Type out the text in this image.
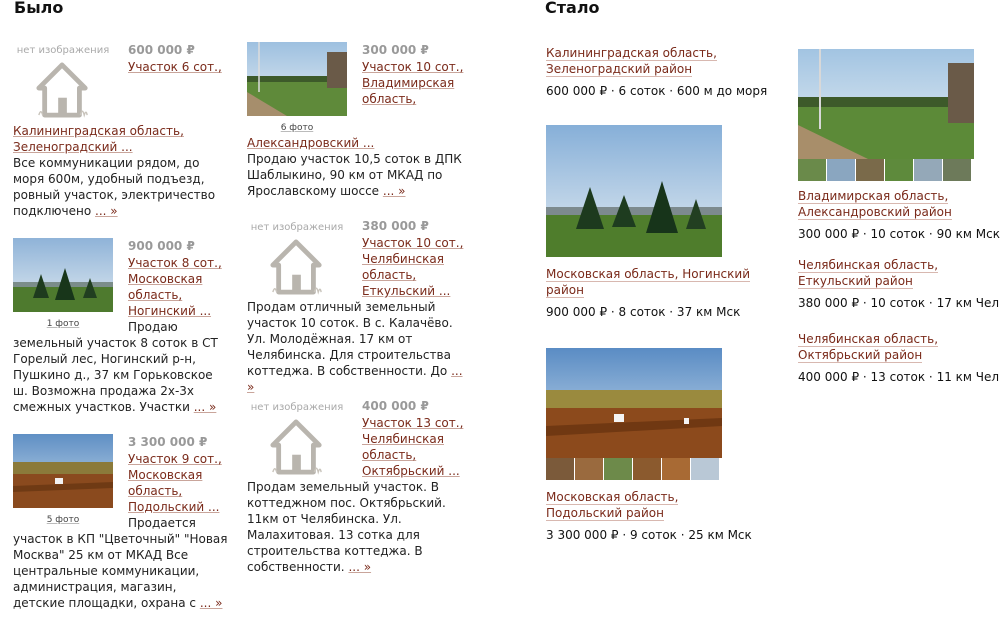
Было	Стало
нет изображения	600 000 ₽
Участок 6 сот.,
Калининградская область,
Зеленоградский ...
Все коммуникации рядом, до моря 600м, удобный подъезд, ровный участок, электричество подключено ... »
1 фото
900 000 ₽
Участок 8 сот.,
Московская
область,
Ногинский ...
Продаю
земельный участок 8 соток в СТ Горелый лес, Ногинский р-н, Пушкино д., 37 км Горьковское ш. Возможна продажа 2х-3х смежных участков. Участки ... »
5 фото
3 300 000 ₽
Участок 9 сот.,
Московская
область,
Подольский ...
Продается
участок в КП "Цветочный" "Новая Москва" 25 км от МКАД Все центральные коммуникации, администрация, магазин, детские площадки, охрана с ... »
6 фото
300 000 ₽
Участок 10 сот.,
Владимирская
область,
Александровский ...
Продаю участок 10,5 соток в ДПК Шаблыкино, 90 км от МКАД по Ярославскому шоссе ... »
нет изображения	380 000 ₽
Участок 10 сот.,
Челябинская
область,
Еткульский ...
Продам отличный земельный участок 10 соток. В с. Калачёво. Ул. Молодёжная. 17 км от Челябинска. Для строительства коттеджа. В собственности. До ... »
нет изображения	400 000 ₽
Участок 13 сот.,
Челябинская
область,
Октябрьский ...
Продам земельный участок. В коттеджном пос. Октябрьский. 11км от Челябинска. Ул. Малахитовая. 13 сотка для строительства коттеджа. В собственности. ... »
Калининградская область,
Зеленоградский район
600 000 ₽ · 6 соток · 600 м до моря
Московская область, Ногинский
район
900 000 ₽ · 8 соток · 37 км Мск
Московская область,
Подольский район
3 300 000 ₽ · 9 соток · 25 км Мск
Владимирская область,
Александровский район
300 000 ₽ · 10 соток · 90 км Мск
Челябинская область,
Еткульский район
380 000 ₽ · 10 соток · 17 км Чел
Челябинская область,
Октябрьский район
400 000 ₽ · 13 соток · 11 км Чел
